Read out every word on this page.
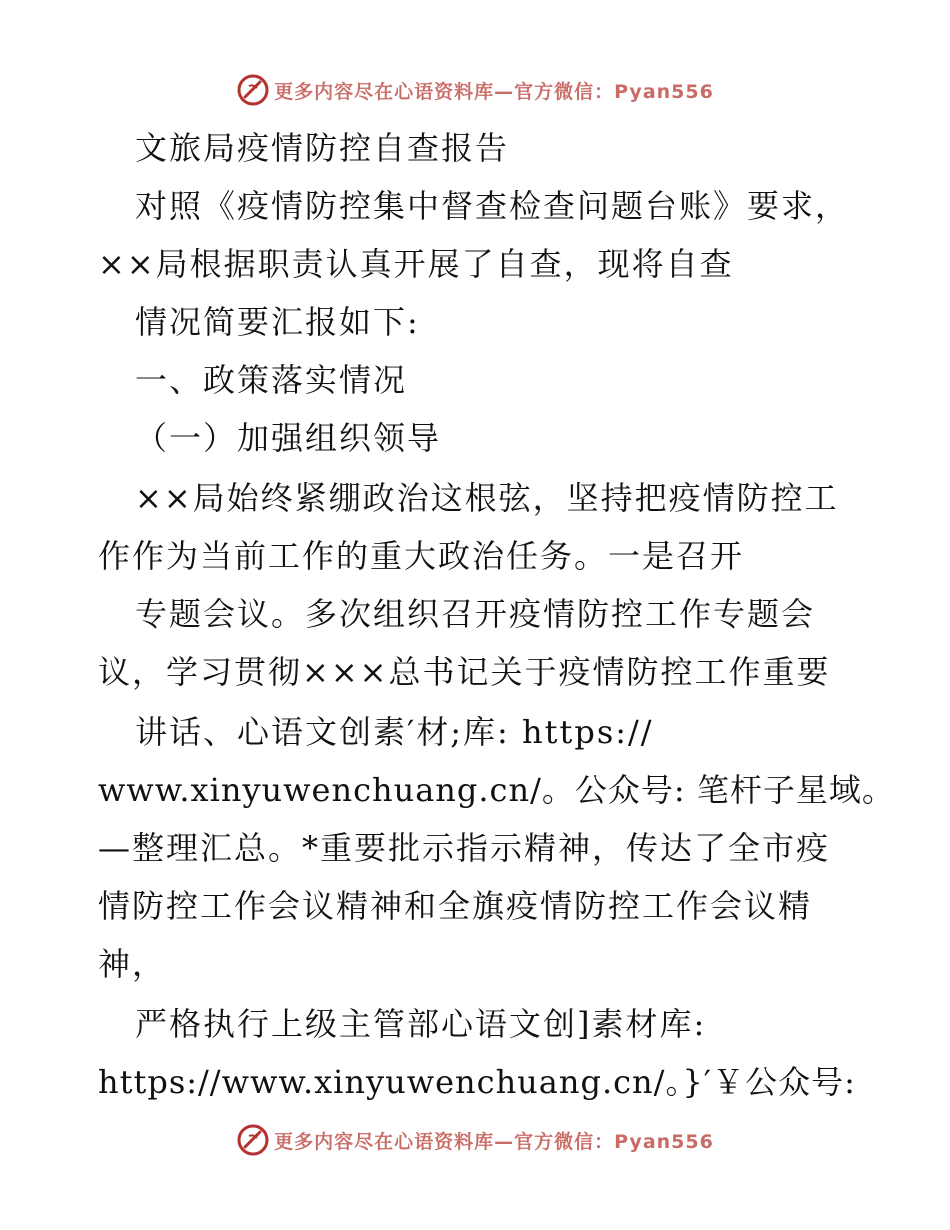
更多内容尽在心语资料库—官方微信：Pyan556
文旅局疫情防控自查报告
对照《疫情防控集中督查检查问题台账》要求，
××局根据职责认真开展了自查，现将自查
情况简要汇报如下:
一、政策落实情况
（一）加强组织领导
××局始终紧绷政治这根弦，坚持把疫情防控工
作作为当前工作的重大政治任务。一是召开
专题会议。多次组织召开疫情防控工作专题会
议，学习贯彻×××总书记关于疫情防控工作重要
讲话、心语文创素′材;库: https://
www.xinyuwenchuang.cn/。公众号: 笔杆子星域。
—整理汇总。*重要批示指示精神，传达了全市疫
情防控工作会议精神和全旗疫情防控工作会议精
神，
严格执行上级主管部心语文创]素材库:
https://www.xinyuwenchuang.cn/。}′￥公众号:
更多内容尽在心语资料库—官方微信：Pyan556
